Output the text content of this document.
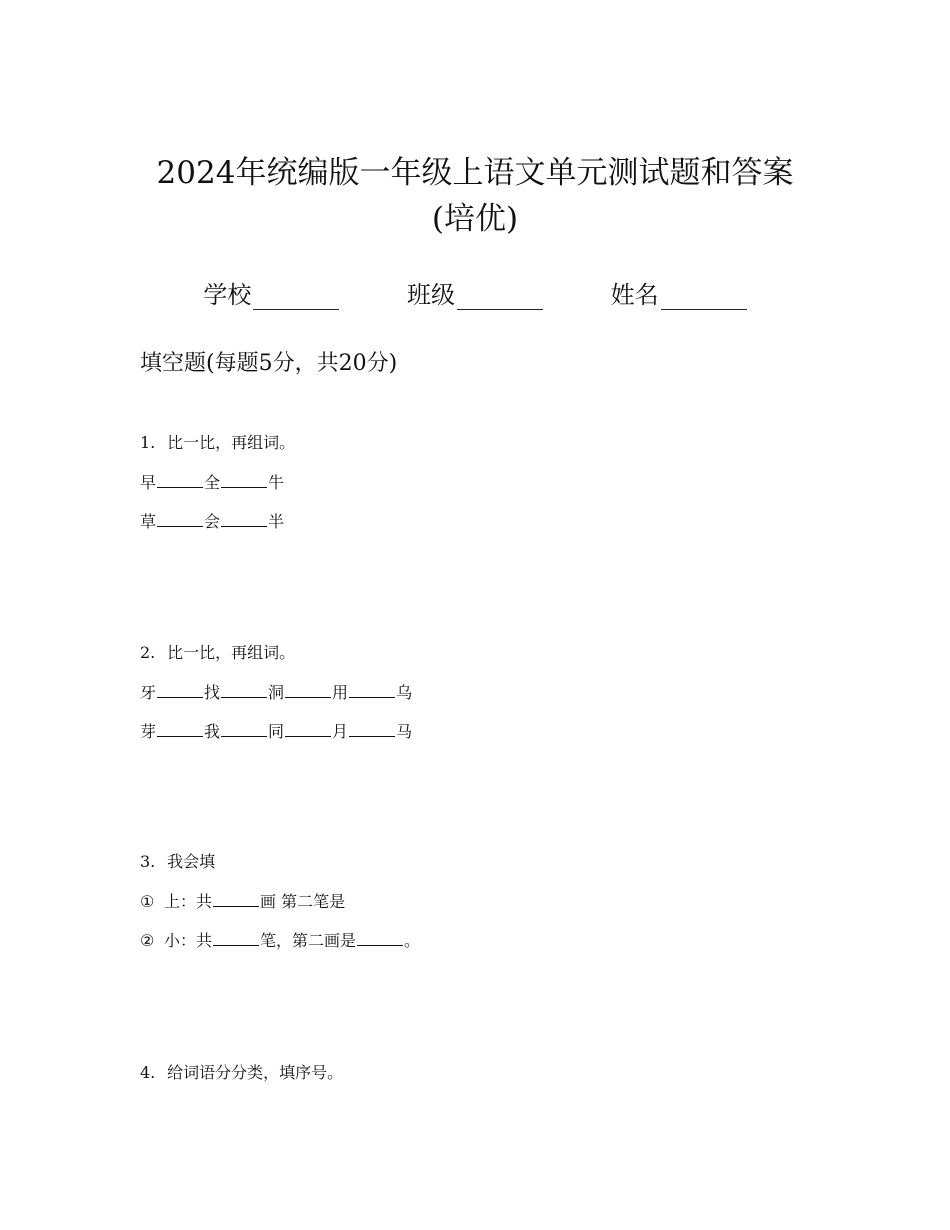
2024年统编版一年级上语文单元测试题和答案
(培优)
学校	班级	姓名
填空题(每题5分，共20分)
1. 比一比，再组词。
早	全	牛
草	会	半
2. 比一比，再组词。
牙	找	洞	用	乌
芽	我	同	月	马
3. 我会填
① 上：共	画 第二笔是
② 小：共	笔，第二画是	。
4. 给词语分分类，填序号。
